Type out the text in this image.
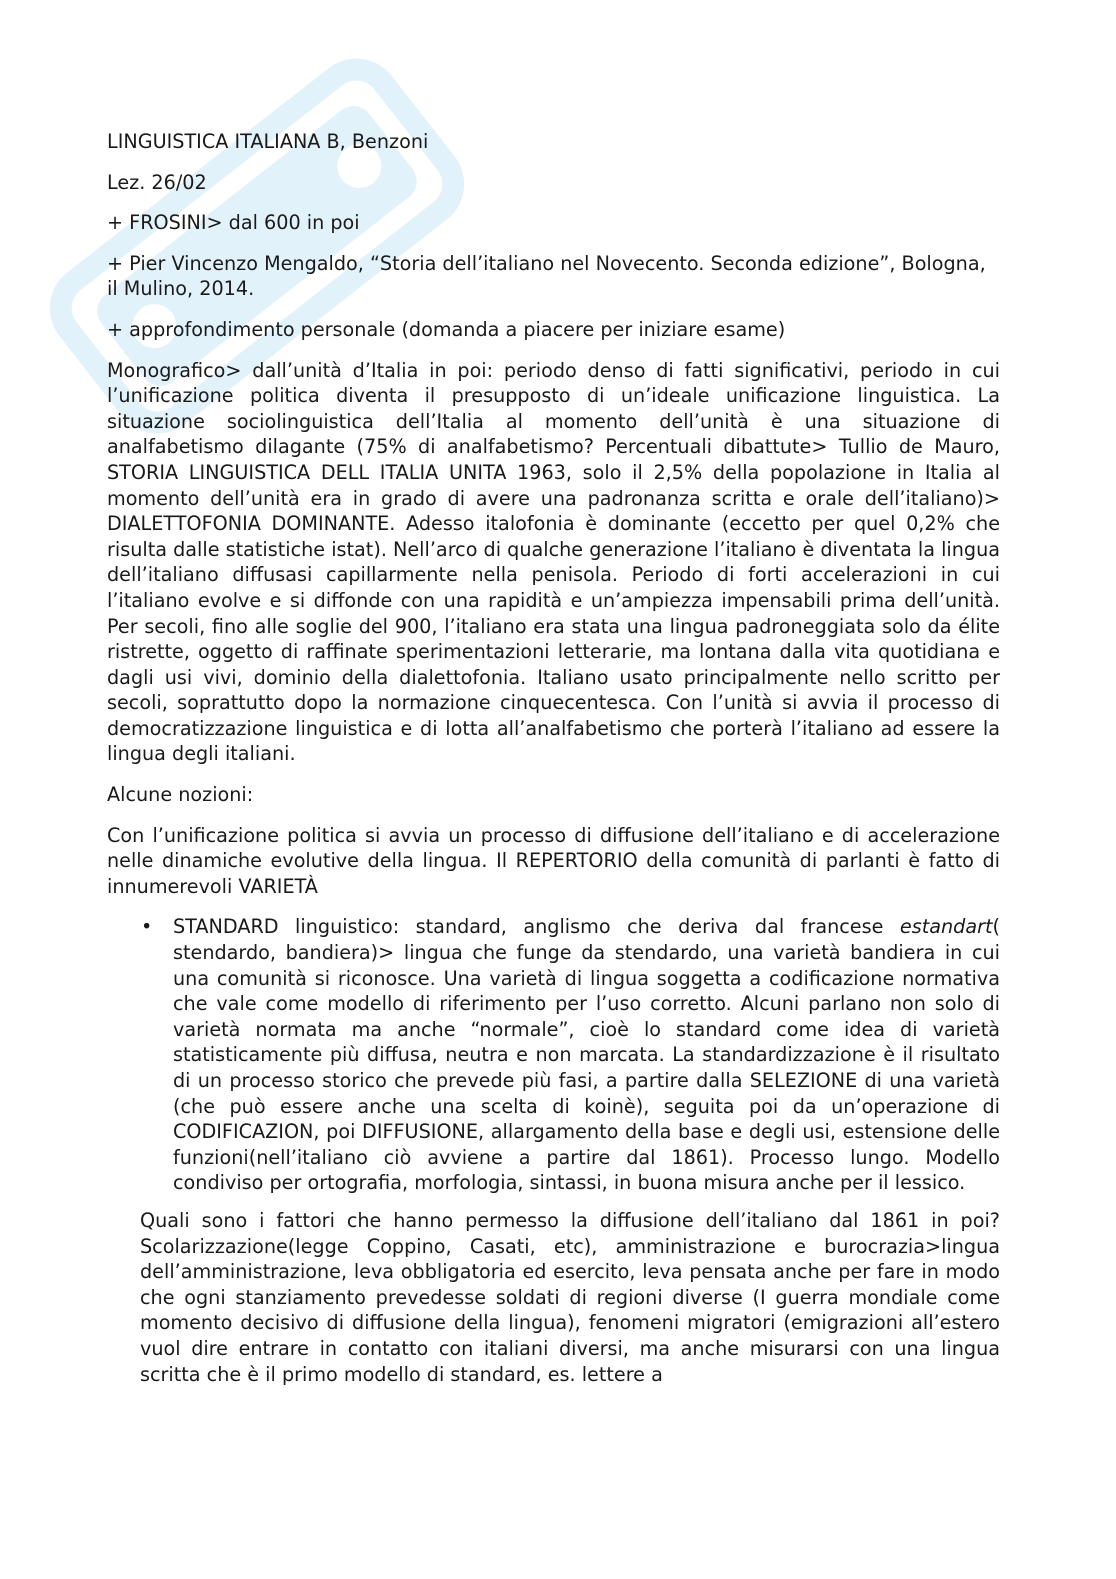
LINGUISTICA ITALIANA B, Benzoni

Lez. 26/02

+ FROSINI> dal 600 in poi

+ Pier Vincenzo Mengaldo, “Storia dell’italiano nel Novecento. Seconda edizione”, Bologna, il Mulino, 2014.

+ approfondimento personale (domanda a piacere per iniziare esame)

Monografico> dall’unità d’Italia in poi: periodo denso di fatti significativi, periodo in cui l’unificazione politica diventa il presupposto di un’ideale unificazione linguistica. La situazione sociolinguistica dell’Italia al momento dell’unità è una situazione di analfabetismo dilagante (75% di analfabetismo? Percentuali dibattute> Tullio de Mauro, STORIA LINGUISTICA DELL ITALIA UNITA 1963, solo il 2,5% della popolazione in Italia al momento dell’unità era in grado di avere una padronanza scritta e orale dell’italiano)> DIALETTOFONIA DOMINANTE. Adesso italofonia è dominante (eccetto per quel 0,2% che risulta dalle statistiche istat). Nell’arco di qualche generazione l’italiano è diventata la lingua dell’italiano diffusasi capillarmente nella penisola. Periodo di forti accelerazioni in cui l’italiano evolve e si diffonde con una rapidità e un’ampiezza impensabili prima dell’unità. Per secoli, fino alle soglie del 900, l’italiano era stata una lingua padroneggiata solo da élite ristrette, oggetto di raffinate sperimentazioni letterarie, ma lontana dalla vita quotidiana e dagli usi vivi, dominio della dialettofonia. Italiano usato principalmente nello scritto per secoli, soprattutto dopo la normazione cinquecentesca. Con l’unità si avvia il processo di democratizzazione linguistica e di lotta all’analfabetismo che porterà l’italiano ad essere la lingua degli italiani.

Alcune nozioni:

Con l’unificazione politica si avvia un processo di diffusione dell’italiano e di accelerazione nelle dinamiche evolutive della lingua. Il REPERTORIO della comunità di parlanti è fatto di innumerevoli VARIETÀ

• STANDARD linguistico: standard, anglismo che deriva dal francese estandart( stendardo, bandiera)> lingua che funge da stendardo, una varietà bandiera in cui una comunità si riconosce. Una varietà di lingua soggetta a codificazione normativa che vale come modello di riferimento per l’uso corretto. Alcuni parlano non solo di varietà normata ma anche “normale”, cioè lo standard come idea di varietà statisticamente più diffusa, neutra e non marcata. La standardizzazione è il risultato di un processo storico che prevede più fasi, a partire dalla SELEZIONE di una varietà (che può essere anche una scelta di koinè), seguita poi da un’operazione di CODIFICAZION, poi DIFFUSIONE, allargamento della base e degli usi, estensione delle funzioni(nell’italiano ciò avviene a partire dal 1861). Processo lungo. Modello condiviso per ortografia, morfologia, sintassi, in buona misura anche per il lessico.

Quali sono i fattori che hanno permesso la diffusione dell’italiano dal 1861 in poi? Scolarizzazione(legge Coppino, Casati, etc), amministrazione e burocrazia>lingua dell’amministrazione, leva obbligatoria ed esercito, leva pensata anche per fare in modo che ogni stanziamento prevedesse soldati di regioni diverse (I guerra mondiale come momento decisivo di diffusione della lingua), fenomeni migratori (emigrazioni all’estero vuol dire entrare in contatto con italiani diversi, ma anche misurarsi con una lingua scritta che è il primo modello di standard, es. lettere a
